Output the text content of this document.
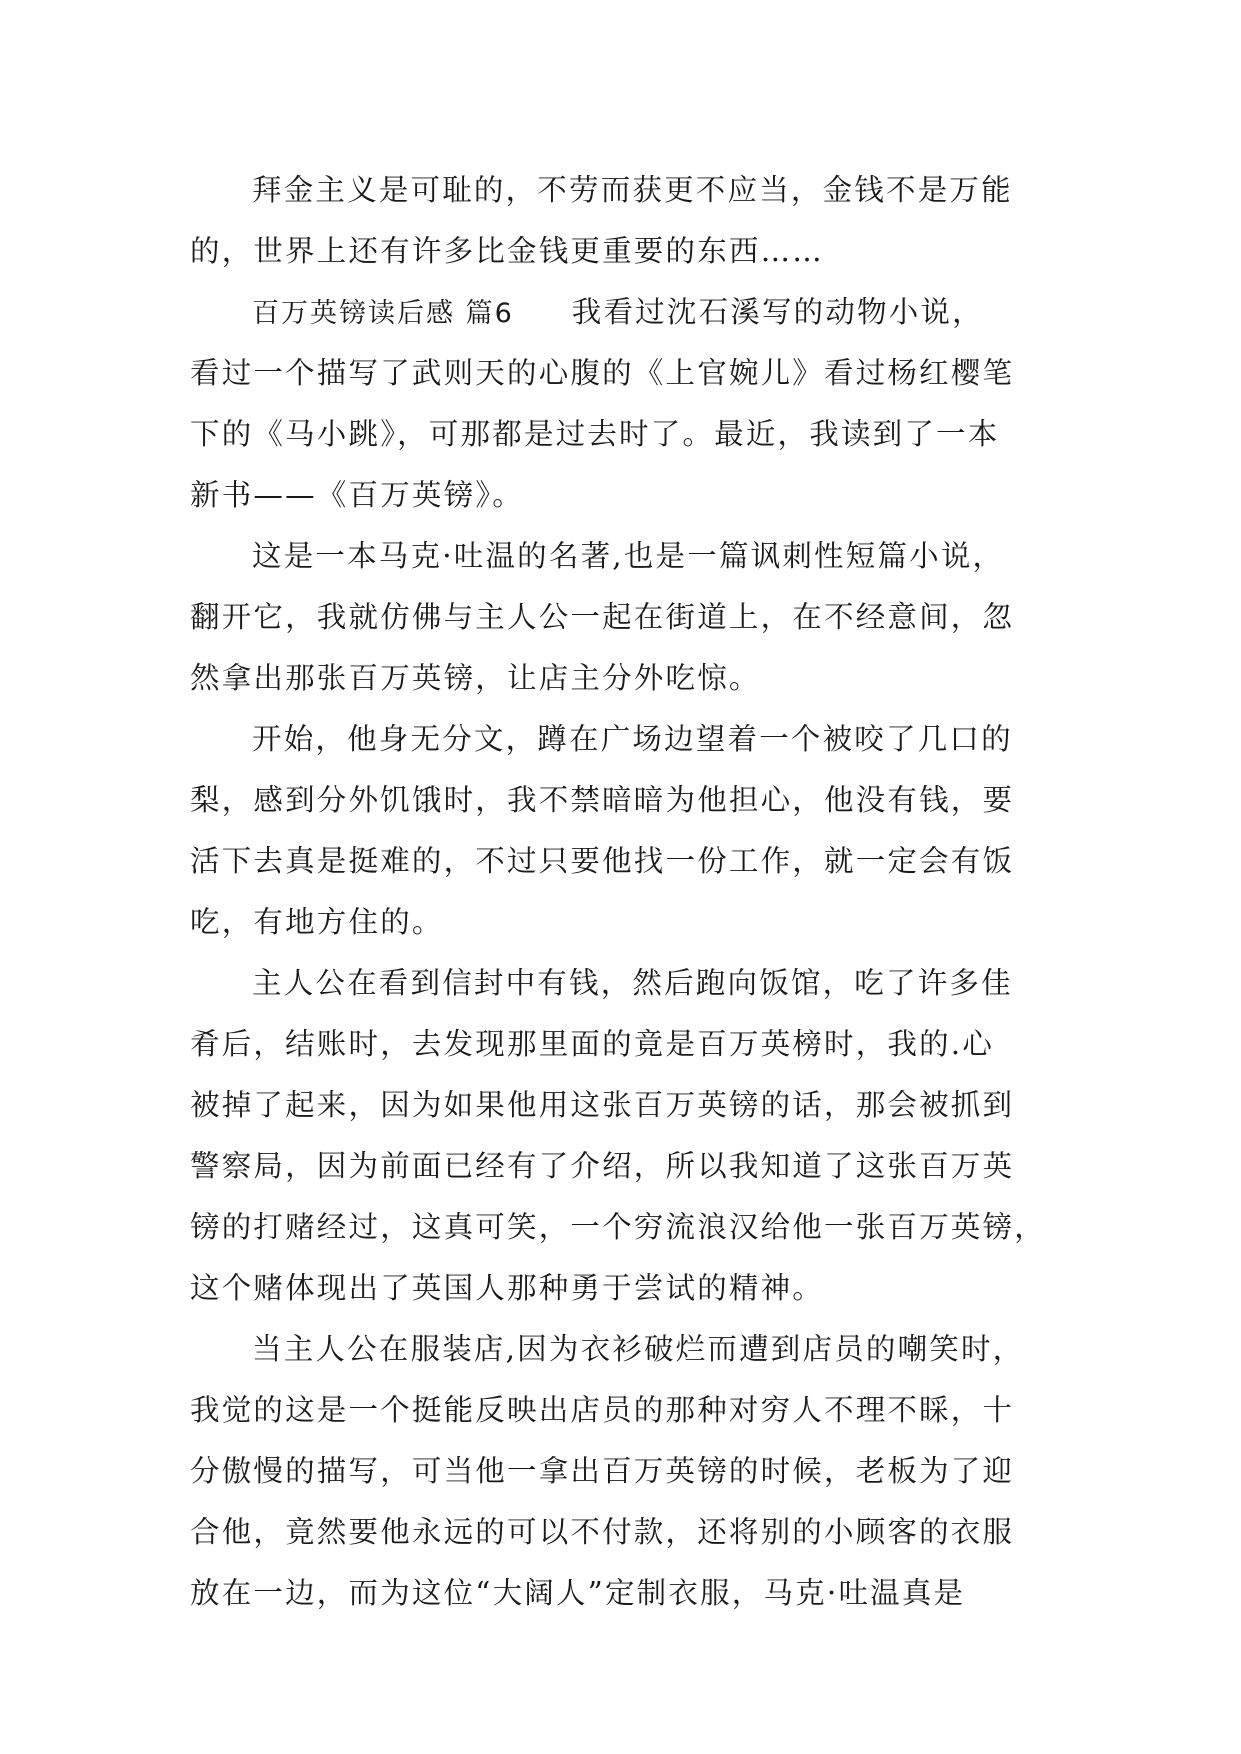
拜金主义是可耻的，不劳而获更不应当，金钱不是万能
的，世界上还有许多比金钱更重要的东西……
百万英镑读后感 篇6 我看过沈石溪写的动物小说，
看过一个描写了武则天的心腹的《上官婉儿》看过杨红樱笔
下的《马小跳》，可那都是过去时了。最近，我读到了一本
新书——《百万英镑》。
这是一本马克·吐温的名著,也是一篇讽刺性短篇小说，
翻开它，我就仿佛与主人公一起在街道上，在不经意间，忽
然拿出那张百万英镑，让店主分外吃惊。
开始，他身无分文，蹲在广场边望着一个被咬了几口的
梨，感到分外饥饿时，我不禁暗暗为他担心，他没有钱，要
活下去真是挺难的，不过只要他找一份工作，就一定会有饭
吃，有地方住的。
主人公在看到信封中有钱，然后跑向饭馆，吃了许多佳
肴后，结账时，去发现那里面的竟是百万英榜时，我的.心
被掉了起来，因为如果他用这张百万英镑的话，那会被抓到
警察局，因为前面已经有了介绍，所以我知道了这张百万英
镑的打赌经过，这真可笑，一个穷流浪汉给他一张百万英镑，
这个赌体现出了英国人那种勇于尝试的精神。
当主人公在服装店,因为衣衫破烂而遭到店员的嘲笑时，
我觉的这是一个挺能反映出店员的那种对穷人不理不睬，十
分傲慢的描写，可当他一拿出百万英镑的时候，老板为了迎
合他，竟然要他永远的可以不付款，还将别的小顾客的衣服
放在一边，而为这位“大阔人”定制衣服，马克·吐温真是
